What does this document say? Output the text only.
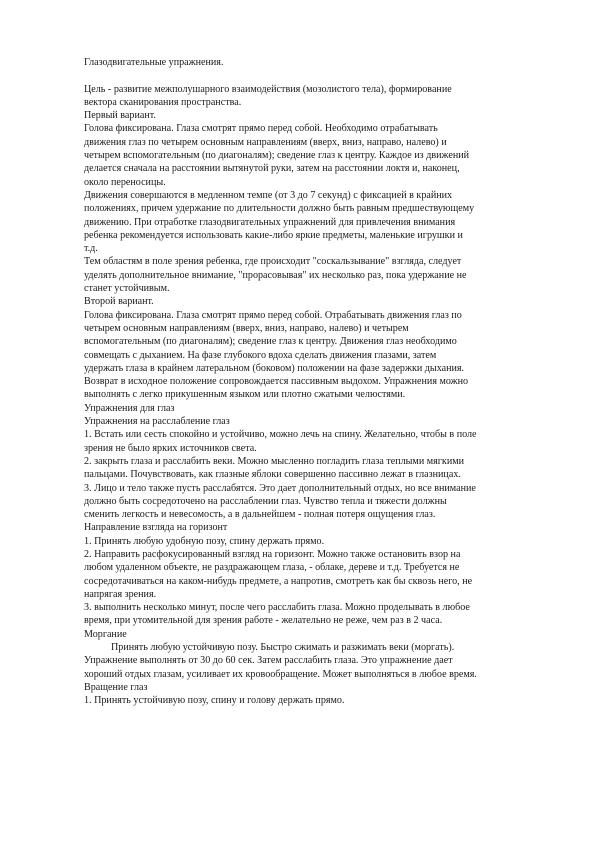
Глазодвигательные упражнения.
Цель - развитие межполушарного взаимодействия (мозолистого тела), формирование
вектора сканирования пространства.
Первый вариант.
Голова фиксирована. Глаза смотрят прямо перед собой. Необходимо отрабатывать
движения глаз по четырем основным направлениям (вверх, вниз, направо, налево) и
четырем вспомогательным (по диагоналям); сведение глаз к центру. Каждое из движений
делается сначала на расстоянии вытянутой руки, затем на расстоянии локтя и, наконец,
около переносицы.
Движения совершаются в медленном темпе (от 3 до 7 секунд) с фиксацией в крайних
положениях, причем удержание по длительности должно быть равным предшествующему
движению. При отработке глазодвигательных упражнений для привлечения внимания
ребенка рекомендуется использовать какие-либо яркие предметы, маленькие игрушки и
т.д.
Тем областям в поле зрения ребенка, где происходит "соскальзывание" взгляда, следует
уделять дополнительное внимание, "прорасовывая" их несколько раз, пока удержание не
станет устойчивым.
Второй вариант.
Голова фиксирована. Глаза смотрят прямо перед собой. Отрабатывать движения глаз по
четырем основным направлениям (вверх, вниз, направо, налево) и четырем
вспомогательным (по диагоналям); сведение глаз к центру. Движения глаз необходимо
совмещать с дыханием. На фазе глубокого вдоха сделать движения глазами, затем
удержать глаза в крайнем латеральном (боковом) положении на фазе задержки дыхания.
Возврат в исходное положение сопровождается пассивным выдохом. Упражнения можно
выполнять с легко прикушенным языком или плотно сжатыми челюстями.
Упражнения для глаз
Упражнения на расслабление глаз
1. Встать или сесть спокойно и устойчиво, можно лечь на спину. Желательно, чтобы в поле
зрения не было ярких источников света.
2. закрыть глаза и расслабить веки. Можно мысленно погладить глаза теплыми мягкими
пальцами. Почувствовать, как глазные яблоки совершенно пассивно лежат в глазницах.
3. Лицо и тело также пусть расслабятся. Это дает дополнительный отдых, но все внимание
должно быть сосредоточено на расслаблении глаз. Чувство тепла и тяжести должны
сменить легкость и невесомость, а в дальнейшем - полная потеря ощущения глаз.
Направление взгляда на горизонт
1. Принять любую удобную позу, спину держать прямо.
2. Направить расфокусированный взгляд на горизонт. Можно также остановить взор на
любом удаленном объекте, не раздражающем глаза, - облаке, дереве и т.д. Требуется не
сосредотачиваться на каком-нибудь предмете, а напротив, смотреть как бы сквозь него, не
напрягая зрения.
3. выполнить несколько минут, после чего расслабить глаза. Можно проделывать в любое
время, при утомительной для зрения работе - желательно не реже, чем раз в 2 часа.
Моргание
Принять любую устойчивую позу. Быстро сжимать и разжимать веки (моргать).
Упражнение выполнять от 30 до 60 сек. Затем расслабить глаза. Это упражнение дает
хороший отдых глазам, усиливает их кровообращение. Может выполняться в любое время.
Вращение глаз
1. Принять устойчивую позу, спину и голову держать прямо.
